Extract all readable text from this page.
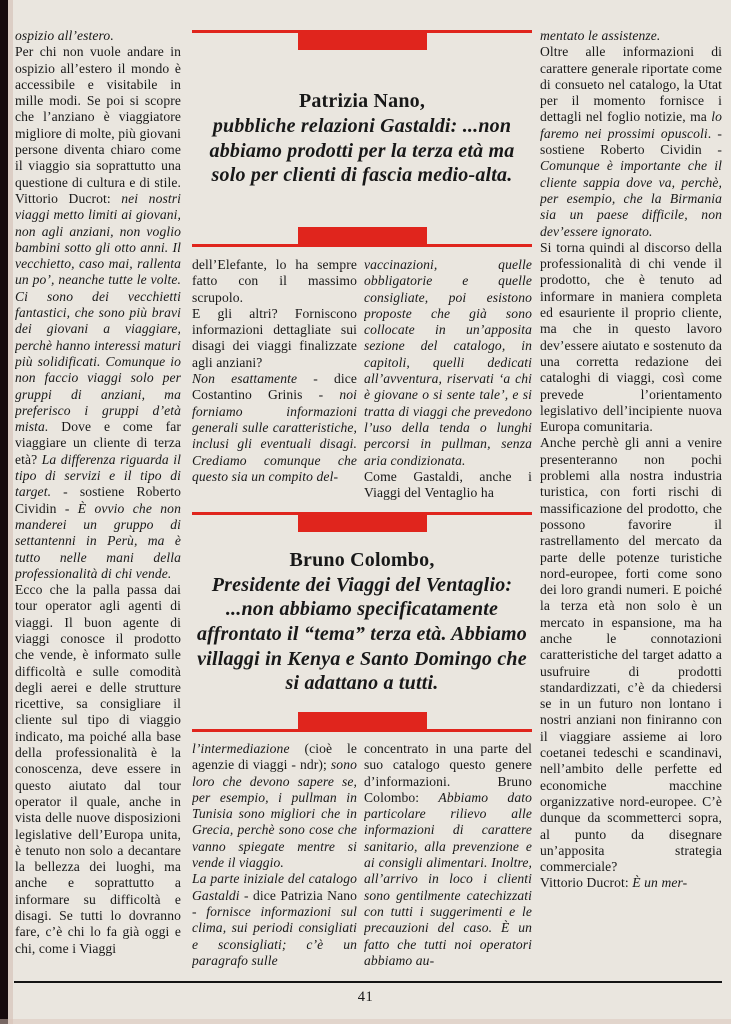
ospizio all’estero.

Per chi non vuole andare in ospizio all’estero il mondo è accessibile e visitabile in mille modi. Se poi si scopre che l’anziano è viaggiatore migliore di molte, più giovani persone diventa chiaro come il viaggio sia soprattutto una questione di cultura e di stile. Vittorio Ducrot: nei nostri viaggi metto limiti ai giovani, non agli anziani, non voglio bambini sotto gli otto anni. Il vecchietto, caso mai, rallenta un po’, neanche tutte le volte. Ci sono dei vecchietti fantastici, che sono più bravi dei giovani a viaggiare, perchè hanno interessi maturi più solidificati. Comunque io non faccio viaggi solo per gruppi di anziani, ma preferisco i gruppi d’età mista. Dove e come far viaggiare un cliente di terza età? La differenza riguarda il tipo di servizi e il tipo di target. - sostiene Roberto Cividin - È ovvio che non manderei un gruppo di settantenni in Perù, ma è tutto nelle mani della professionalità di chi vende.

Ecco che la palla passa dai tour operator agli agenti di viaggi. Il buon agente di viaggi conosce il prodotto che vende, è informato sulle difficoltà e sulle comodità degli aerei e delle strutture ricettive, sa consigliare il cliente sul tipo di viaggio indicato, ma poiché alla base della professionalità è la conoscenza, deve essere in questo aiutato dal tour operator il quale, anche in vista delle nuove disposizioni legislative dell’Europa unita, è tenuto non solo a decantare la bellezza dei luoghi, ma anche e soprattutto a informare su difficoltà e disagi. Se tutti lo dovranno fare, c’è chi lo fa già oggi e chi, come i Viaggi

Patrizia Nano,
pubbliche relazioni Gastaldi: ...non abbiamo prodotti per la terza età ma solo per clienti di fascia medio-alta.

dell’Elefante, lo ha sempre fatto con il massimo scrupolo.

E gli altri? Forniscono informazioni dettagliate sui disagi dei viaggi finalizzate agli anziani?

Non esattamente - dice Costantino Grinis - noi forniamo informazioni generali sulle caratteristiche, inclusi gli eventuali disagi. Crediamo comunque che questo sia un compito del-

vaccinazioni, quelle obbligatorie e quelle consigliate, poi esistono proposte che già sono collocate in un’apposita sezione del catalogo, in capitoli, quelli dedicati all’avventura, riservati ‘a chi è giovane o si sente tale’, e si tratta di viaggi che prevedono l’uso della tenda o lunghi percorsi in pullman, senza aria condizionata.

Come Gastaldi, anche i Viaggi del Ventaglio ha

Bruno Colombo,
Presidente dei Viaggi del Ventaglio: ...non abbiamo specificatamente affrontato il “tema” terza età. Abbiamo villaggi in Kenya e Santo Domingo che si adattano a tutti.

l’intermediazione (cioè le agenzie di viaggi - ndr); sono loro che devono sapere se, per esempio, i pullman in Tunisia sono migliori che in Grecia, perchè sono cose che vanno spiegate mentre si vende il viaggio.

La parte iniziale del catalogo Gastaldi - dice Patrizia Nano - fornisce informazioni sul clima, sui periodi consigliati e sconsigliati; c’è un paragrafo sulle

concentrato in una parte del suo catalogo questo genere d’informazioni. Bruno Colombo: Abbiamo dato particolare rilievo alle informazioni di carattere sanitario, alla prevenzione e ai consigli alimentari. Inoltre, all’arrivo in loco i clienti sono gentilmente catechizzati con tutti i suggerimenti e le precauzioni del caso. È un fatto che tutti noi operatori abbiamo au-

mentato le assistenze.

Oltre alle informazioni di carattere generale riportate come di consueto nel catalogo, la Utat per il momento fornisce i dettagli nel foglio notizie, ma lo faremo nei prossimi opuscoli. - sostiene Roberto Cividin - Comunque è importante che il cliente sappia dove va, perchè, per esempio, che la Birmania sia un paese difficile, non dev’essere ignorato.

Si torna quindi al discorso della professionalità di chi vende il prodotto, che è tenuto ad informare in maniera completa ed esauriente il proprio cliente, ma che in questo lavoro dev’essere aiutato e sostenuto da una corretta redazione dei cataloghi di viaggi, così come prevede l’orientamento legislativo dell’incipiente nuova Europa comunitaria.

Anche perchè gli anni a venire presenteranno non pochi problemi alla nostra industria turistica, con forti rischi di massificazione del prodotto, che possono favorire il rastrellamento del mercato da parte delle potenze turistiche nord-europee, forti come sono dei loro grandi numeri. E poiché la terza età non solo è un mercato in espansione, ma ha anche le connotazioni caratteristiche del target adatto a usufruire di prodotti standardizzati, c’è da chiedersi se in un futuro non lontano i nostri anziani non finiranno con il viaggiare assieme ai loro coetanei tedeschi e scandinavi, nell’ambito delle perfette ed economiche macchine organizzative nord-europee. C’è dunque da scommetterci sopra, al punto da disegnare un’apposita strategia commerciale?

Vittorio Ducrot: È un mer-

41
